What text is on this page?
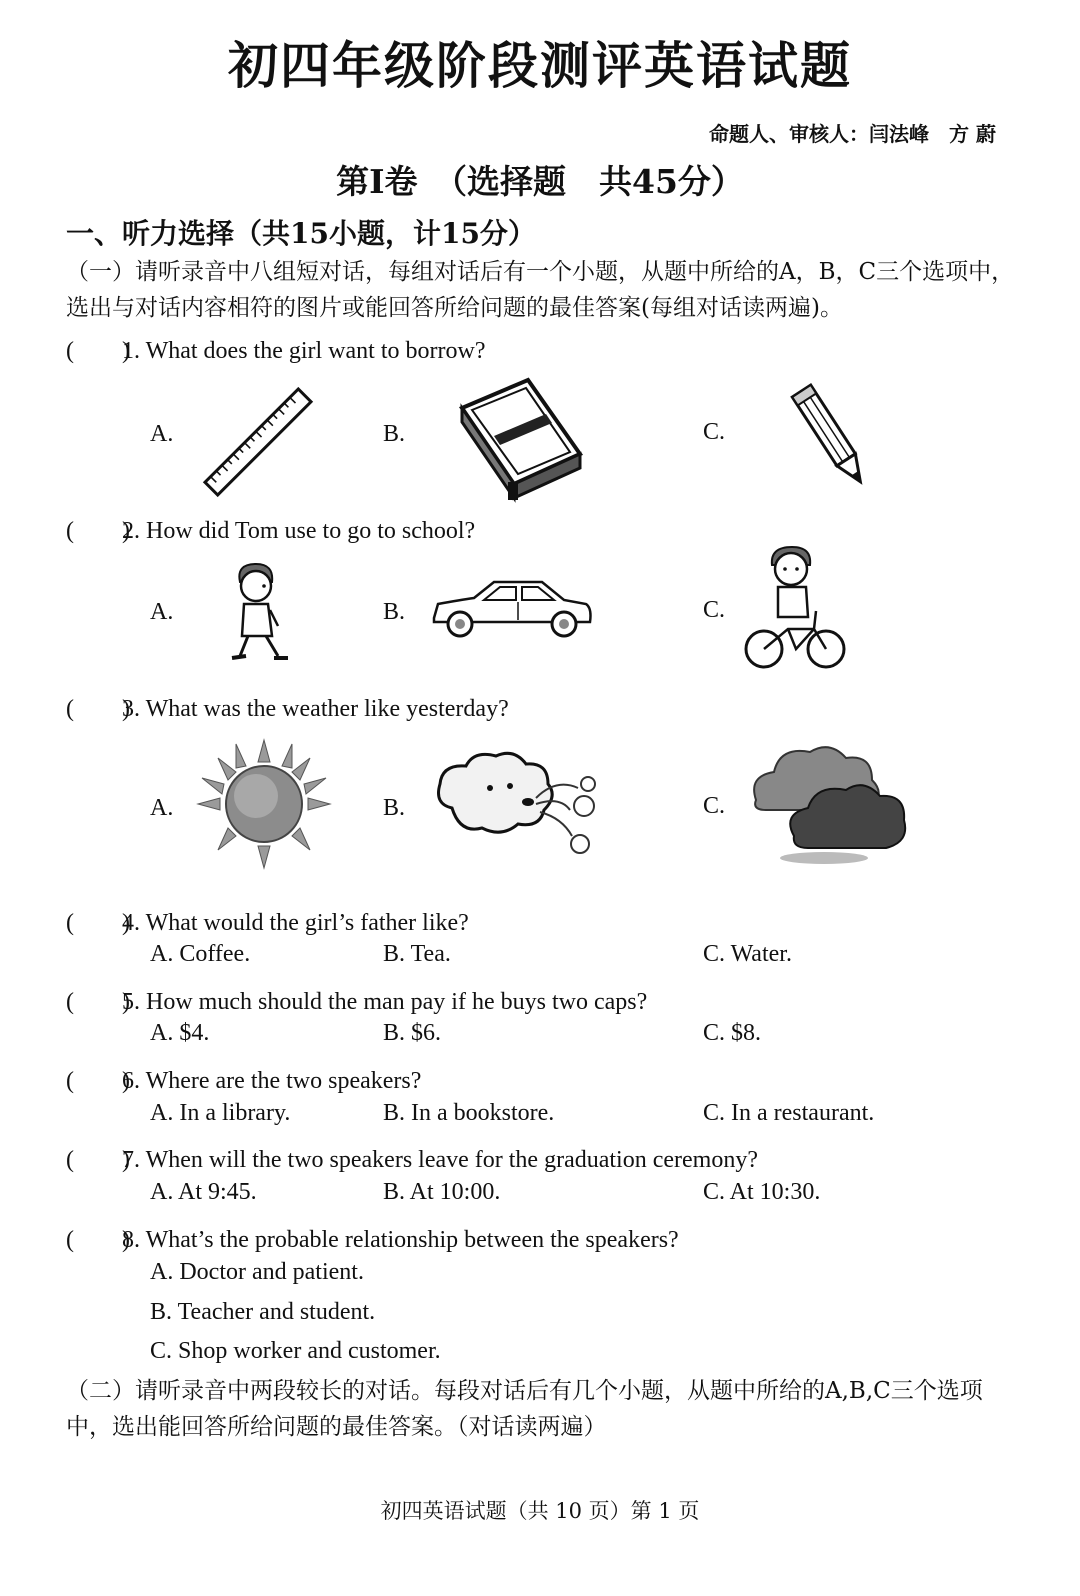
初四年级阶段测评英语试题
命题人、审核人：闫法峰　方 蔚
第Ⅰ卷　（选择题　共45分）
一、听力选择（共15小题，计15分）
（一）请听录音中八组短对话，每组对话后有一个小题，从题中所给的A，B，C三个选项中，选出与对话内容相符的图片或能回答所给问题的最佳答案(每组对话读两遍)。
(　　)1. What does the girl want to borrow?
A.	B.	C.
(　　)2. How did Tom use to go to school?
A.	B.	C.
(　　)3. What was the weather like yesterday?
A.	B.	C.
(　　)4. What would the girl’s father like?
A. Coffee.	B. Tea.	C. Water.
(　　)5. How much should the man pay if he buys two caps?
A. $4.	B. $6.	C. $8.
(　　)6. Where are the two speakers?
A. In a library.	B. In a bookstore.	C. In a restaurant.
(　　)7. When will the two speakers leave for the graduation ceremony?
A. At 9:45.	B. At 10:00.	C. At 10:30.
(　　)8. What’s the probable relationship between the speakers?
A. Doctor and patient.
B. Teacher and student.
C. Shop worker and customer.
（二）请听录音中两段较长的对话。每段对话后有几个小题，从题中所给的A,B,C三个选项中，选出能回答所给问题的最佳答案。（对话读两遍）
初四英语试题（共 10 页）第 1 页
